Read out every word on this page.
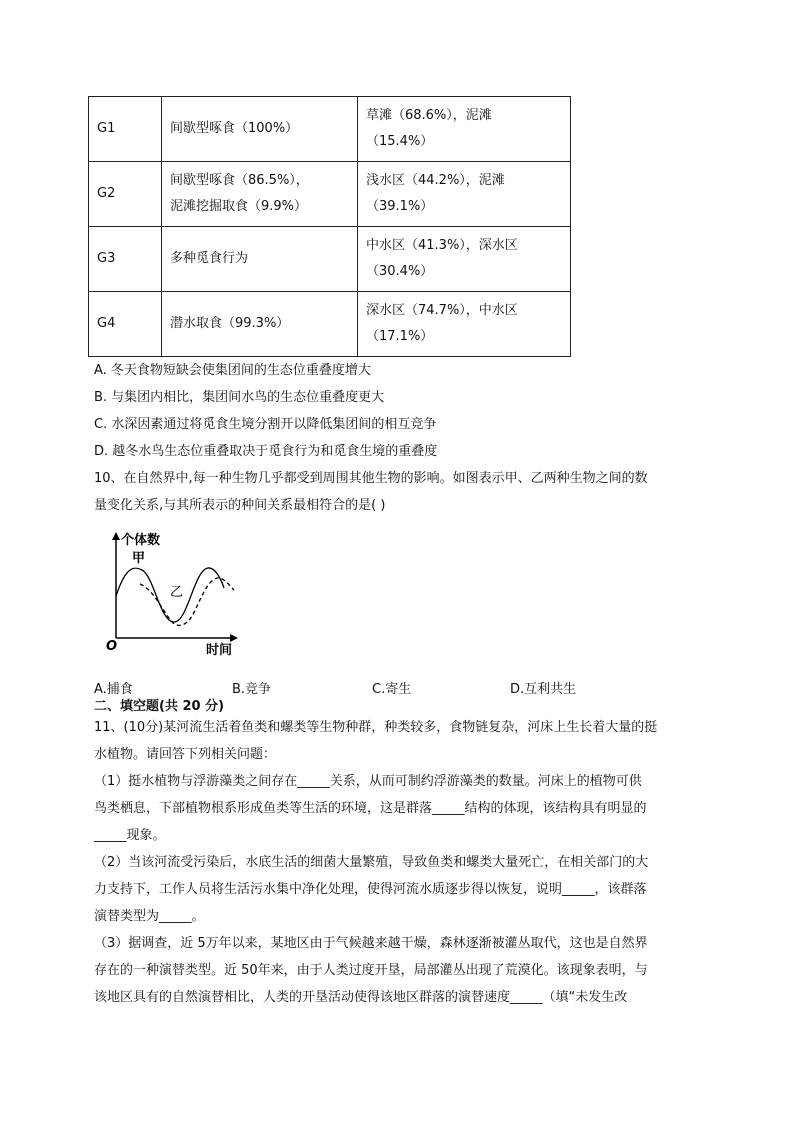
G1	间歇型啄食（100%）	草滩（68.6%），泥滩
（15.4%）

G2	间歇型啄食（86.5%），
泥滩挖掘取食（9.9%）	浅水区（44.2%），泥滩
（39.1%）

G3	多种觅食行为	中水区（41.3%），深水区
（30.4%）

G4	潜水取食（99.3%）	深水区（74.7%），中水区
（17.1%）
A. 冬天食物短缺会使集团间的生态位重叠度增大
B. 与集团内相比，集团间水鸟的生态位重叠度更大
C. 水深因素通过将觅食生境分割开以降低集团间的相互竞争
D. 越冬水鸟生态位重叠取决于觅食行为和觅食生境的重叠度
10、在自然界中,每一种生物几乎都受到周围其他生物的影响。如图表示甲、乙两种生物之间的数
量变化关系,与其所表示的种间关系最相符合的是( )
个体数
甲
乙
O	时间
A.捕食	B.竞争	C.寄生	D.互利共生
二、填空题(共 20 分)
11、(10分)某河流生活着鱼类和螺类等生物种群，种类较多，食物链复杂，河床上生长着大量的挺
水植物。请回答下列相关问题：
（1）挺水植物与浮游藻类之间存在_____关系，从而可制约浮游藻类的数量。河床上的植物可供
鸟类栖息，下部植物根系形成鱼类等生活的环境，这是群落_____结构的体现，该结构具有明显的
_____现象。
（2）当该河流受污染后，水底生活的细菌大量繁殖，导致鱼类和螺类大量死亡，在相关部门的大
力支持下，工作人员将生活污水集中净化处理，使得河流水质逐步得以恢复，说明_____，该群落
演替类型为_____。
（3）据调查，近 5万年以来，某地区由于气候越来越干燥，森林逐渐被灌丛取代，这也是自然界
存在的一种演替类型。近 50年来，由于人类过度开垦，局部灌丛出现了荒漠化。该现象表明，与
该地区具有的自然演替相比，人类的开垦活动使得该地区群落的演替速度_____（填“未发生改
